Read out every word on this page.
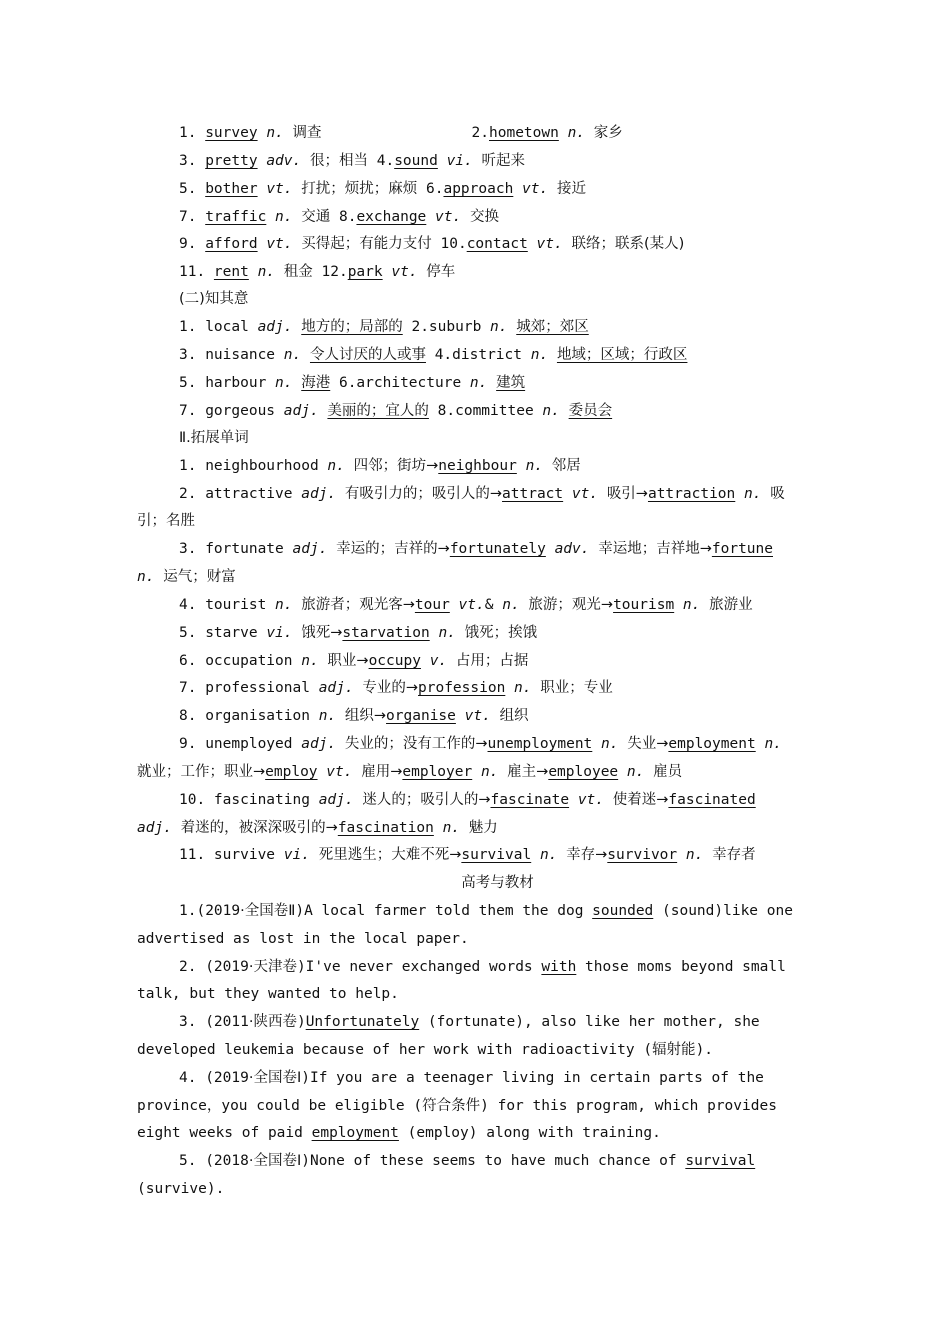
1. survey n. 调查	2.hometown n. 家乡
3. pretty adv. 很；相当 4.sound vi. 听起来
5. bother vt. 打扰；烦扰；麻烦 6.approach vt. 接近
7. traffic n. 交通 8.exchange vt. 交换
9. afford vt. 买得起；有能力支付 10.contact vt. 联络；联系(某人)
11. rent n. 租金 12.park vt. 停车
(二)知其意
1. local adj. 地方的；局部的 2.suburb n. 城郊；郊区
3. nuisance n. 令人讨厌的人或事 4.district n. 地域；区域；行政区
5. harbour n. 海港 6.architecture n. 建筑
7. gorgeous adj. 美丽的；宜人的 8.committee n. 委员会
Ⅱ.拓展单词
1. neighbourhood n. 四邻；街坊→neighbour n. 邻居
2. attractive adj. 有吸引力的；吸引人的→attract vt. 吸引→attraction n. 吸
引；名胜
3. fortunate adj. 幸运的；吉祥的→fortunately adv. 幸运地；吉祥地→fortune
n. 运气；财富
4. tourist n. 旅游者；观光客→tour vt.& n. 旅游；观光→tourism n. 旅游业
5. starve vi. 饿死→starvation n. 饿死；挨饿
6. occupation n. 职业→occupy v. 占用；占据
7. professional adj. 专业的→profession n. 职业；专业
8. organisation n. 组织→organise vt. 组织
9. unemployed adj. 失业的；没有工作的→unemployment n. 失业→employment n.
就业；工作；职业→employ vt. 雇用→employer n. 雇主→employee n. 雇员
10. fascinating adj. 迷人的；吸引人的→fascinate vt. 使着迷→fascinated
adj. 着迷的，被深深吸引的→fascination n. 魅力
11. survive vi. 死里逃生；大难不死→survival n. 幸存→survivor n. 幸存者
高考与教材
1.(2019·全国卷Ⅱ)A local farmer told them the dog sounded (sound)like one
advertised as lost in the local paper.
2. (2019·天津卷)I've never exchanged words with those moms beyond small
talk, but they wanted to help.
3. (2011·陕西卷)Unfortunately (fortunate), also like her mother, she
developed leukemia because of her work with radioactivity (辐射能).
4. (2019·全国卷Ⅰ)If you are a teenager living in certain parts of the
province，you could be eligible (符合条件) for this program, which provides
eight weeks of paid employment (employ) along with training.
5. (2018·全国卷Ⅰ)None of these seems to have much chance of survival
(survive).
